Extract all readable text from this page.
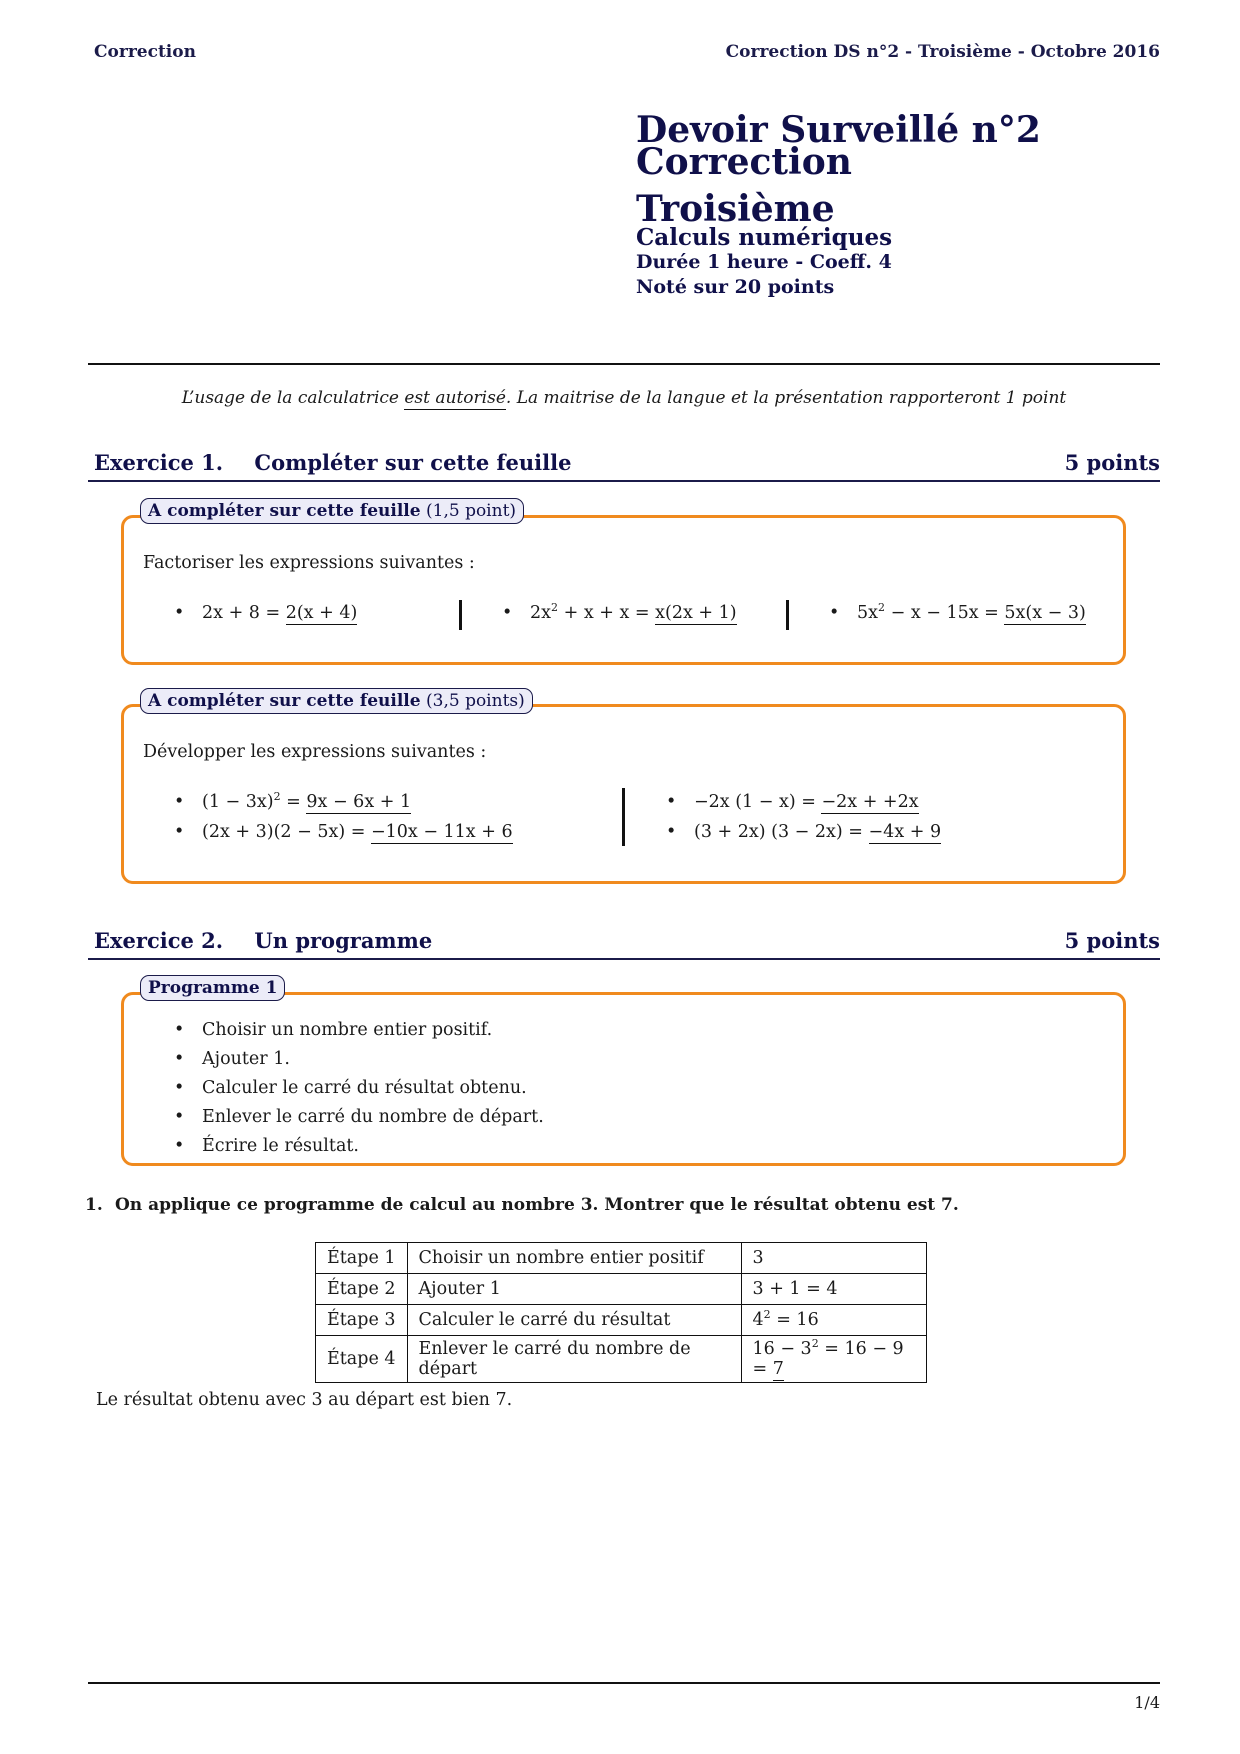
Correction	Correction DS n°2 - Troisième - Octobre 2016
Devoir Surveillé n°2
Correction
Troisième
Calculs numériques
Durée 1 heure - Coeff. 4
Noté sur 20 points
L’usage de la calculatrice est autorisé. La maitrise de la langue et la présentation rapporteront 1 point
Exercice 1. Compléter sur cette feuille	5 points
A compléter sur cette feuille (1,5 point)
Factoriser les expressions suivantes :
• 2x + 8 = 2(x + 4)	• $2x^2 + x + x = x(2x + 1)$	• $5x^2 - x - 15x = 5x(x - 3)$
A compléter sur cette feuille (3,5 points)
Développer les expressions suivantes :
• $(1 - 3x)^2 = 9x - 6x + 1$
• (2x + 3)(2 − 5x) = −10x − 11x + 6
• −2x (1 − x) = −2x + +2x
• (3 + 2x) (3 − 2x) = −4x + 9
Exercice 2. Un programme	5 points
Programme 1
• Choisir un nombre entier positif.
• Ajouter 1.
• Calculer le carré du résultat obtenu.
• Enlever le carré du nombre de départ.
• Écrire le résultat.
1. On applique ce programme de calcul au nombre 3. Montrer que le résultat obtenu est 7.
Étape 1	Choisir un nombre entier positif	3
Étape 2	Ajouter 1	3 + 1 = 4
Étape 3	Calculer le carré du résultat	$4^2 = 16$
Étape 4	Enlever le carré du nombre de départ	$16 - 3^2 = 16 - 9 = 7$
Le résultat obtenu avec 3 au départ est bien 7.
1/4
